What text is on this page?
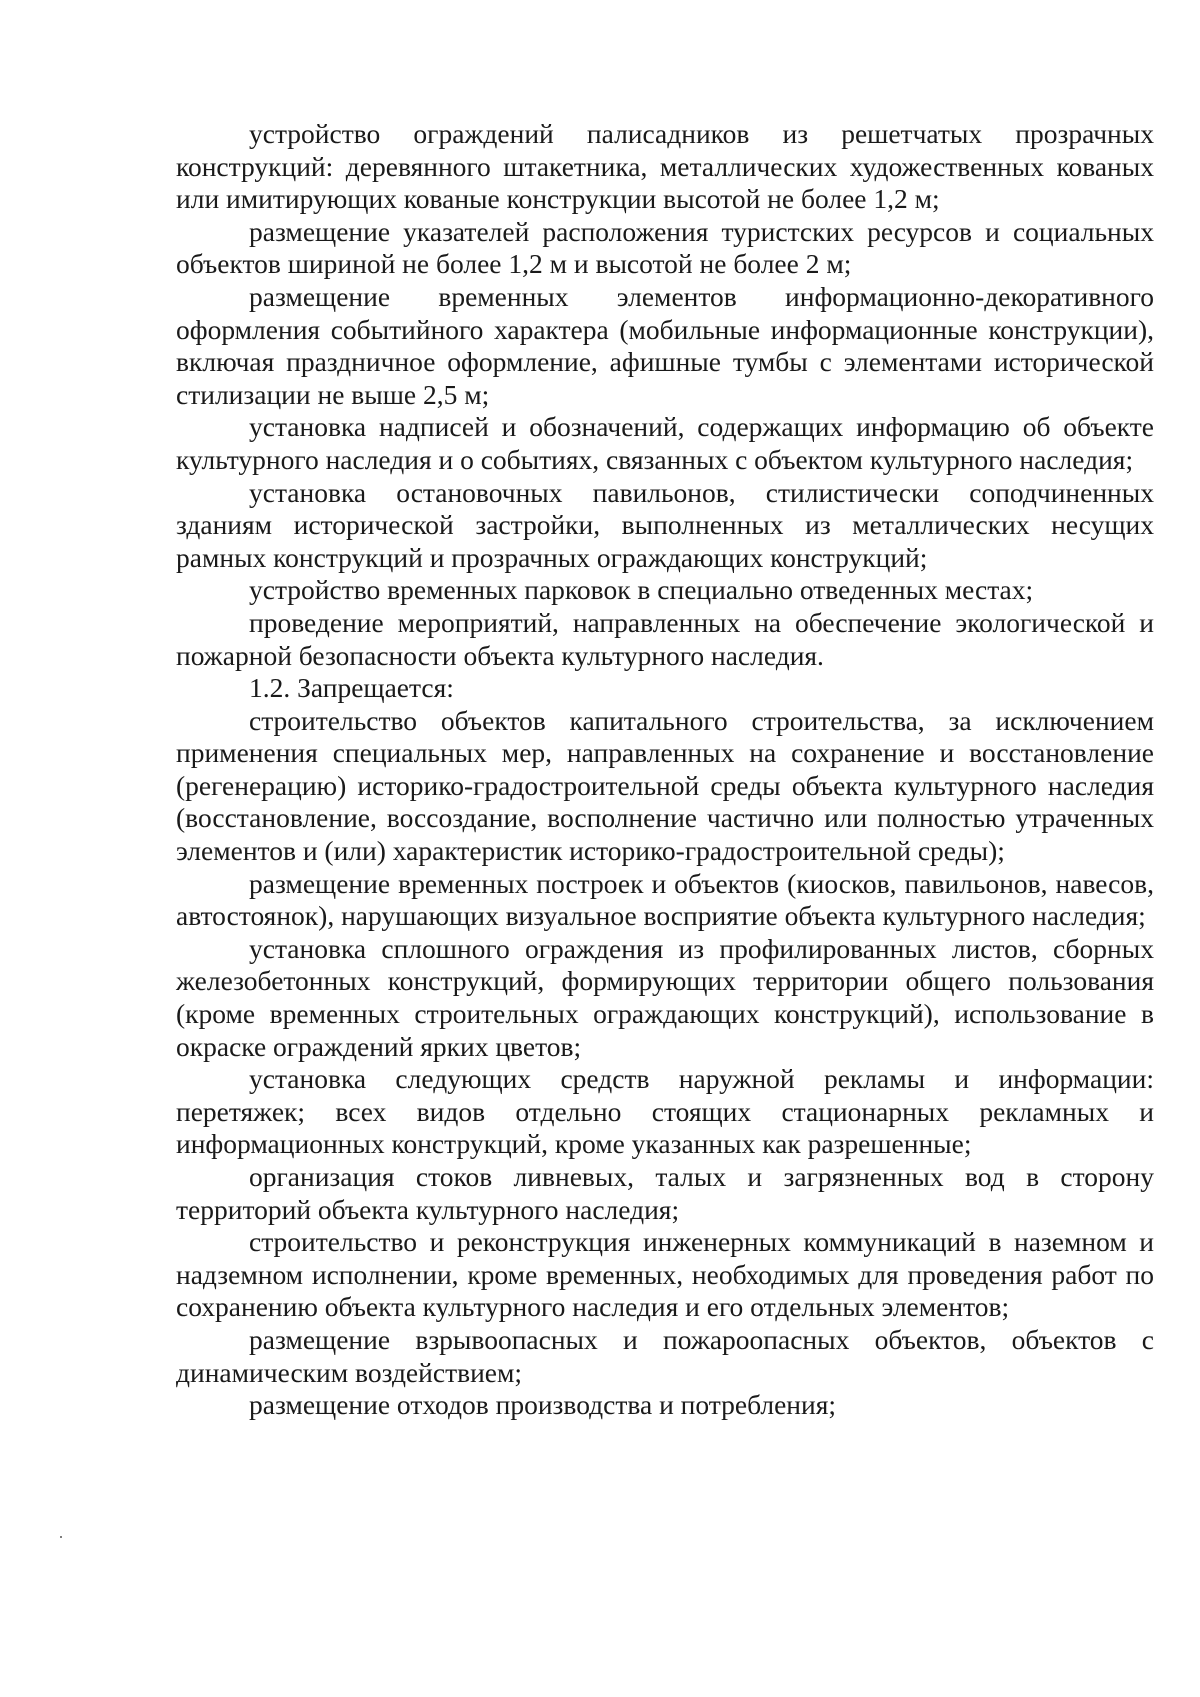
устройство ограждений палисадников из решетчатых прозрачных конструкций: деревянного штакетника, металлических художественных кованых или имитирующих кованые конструкции высотой не более 1,2 м;

размещение указателей расположения туристских ресурсов и социальных объектов шириной не более 1,2 м и высотой не более 2 м;

размещение временных элементов информационно-декоративного оформления событийного характера (мобильные информационные конструкции), включая праздничное оформление, афишные тумбы с элементами исторической стилизации не выше 2,5 м;

установка надписей и обозначений, содержащих информацию об объекте культурного наследия и о событиях, связанных с объектом культурного наследия;

установка остановочных павильонов, стилистически соподчиненных зданиям исторической застройки, выполненных из металлических несущих рамных конструкций и прозрачных ограждающих конструкций;

устройство временных парковок в специально отведенных местах;

проведение мероприятий, направленных на обеспечение экологической и пожарной безопасности объекта культурного наследия.

1.2. Запрещается:

строительство объектов капитального строительства, за исключением применения специальных мер, направленных на сохранение и восстановление (регенерацию) историко-градостроительной среды объекта культурного наследия (восстановление, воссоздание, восполнение частично или полностью утраченных элементов и (или) характеристик историко-градостроительной среды);

размещение временных построек и объектов (киосков, павильонов, навесов, автостоянок), нарушающих визуальное восприятие объекта культурного наследия;

установка сплошного ограждения из профилированных листов, сборных железобетонных конструкций, формирующих территории общего пользования (кроме временных строительных ограждающих конструкций), использование в окраске ограждений ярких цветов;

установка следующих средств наружной рекламы и информации: перетяжек; всех видов отдельно стоящих стационарных рекламных и информационных конструкций, кроме указанных как разрешенные;

организация стоков ливневых, талых и загрязненных вод в сторону территорий объекта культурного наследия;

строительство и реконструкция инженерных коммуникаций в наземном и надземном исполнении, кроме временных, необходимых для проведения работ по сохранению объекта культурного наследия и его отдельных элементов;

размещение взрывоопасных и пожароопасных объектов, объектов с динамическим воздействием;

размещение отходов производства и потребления;
